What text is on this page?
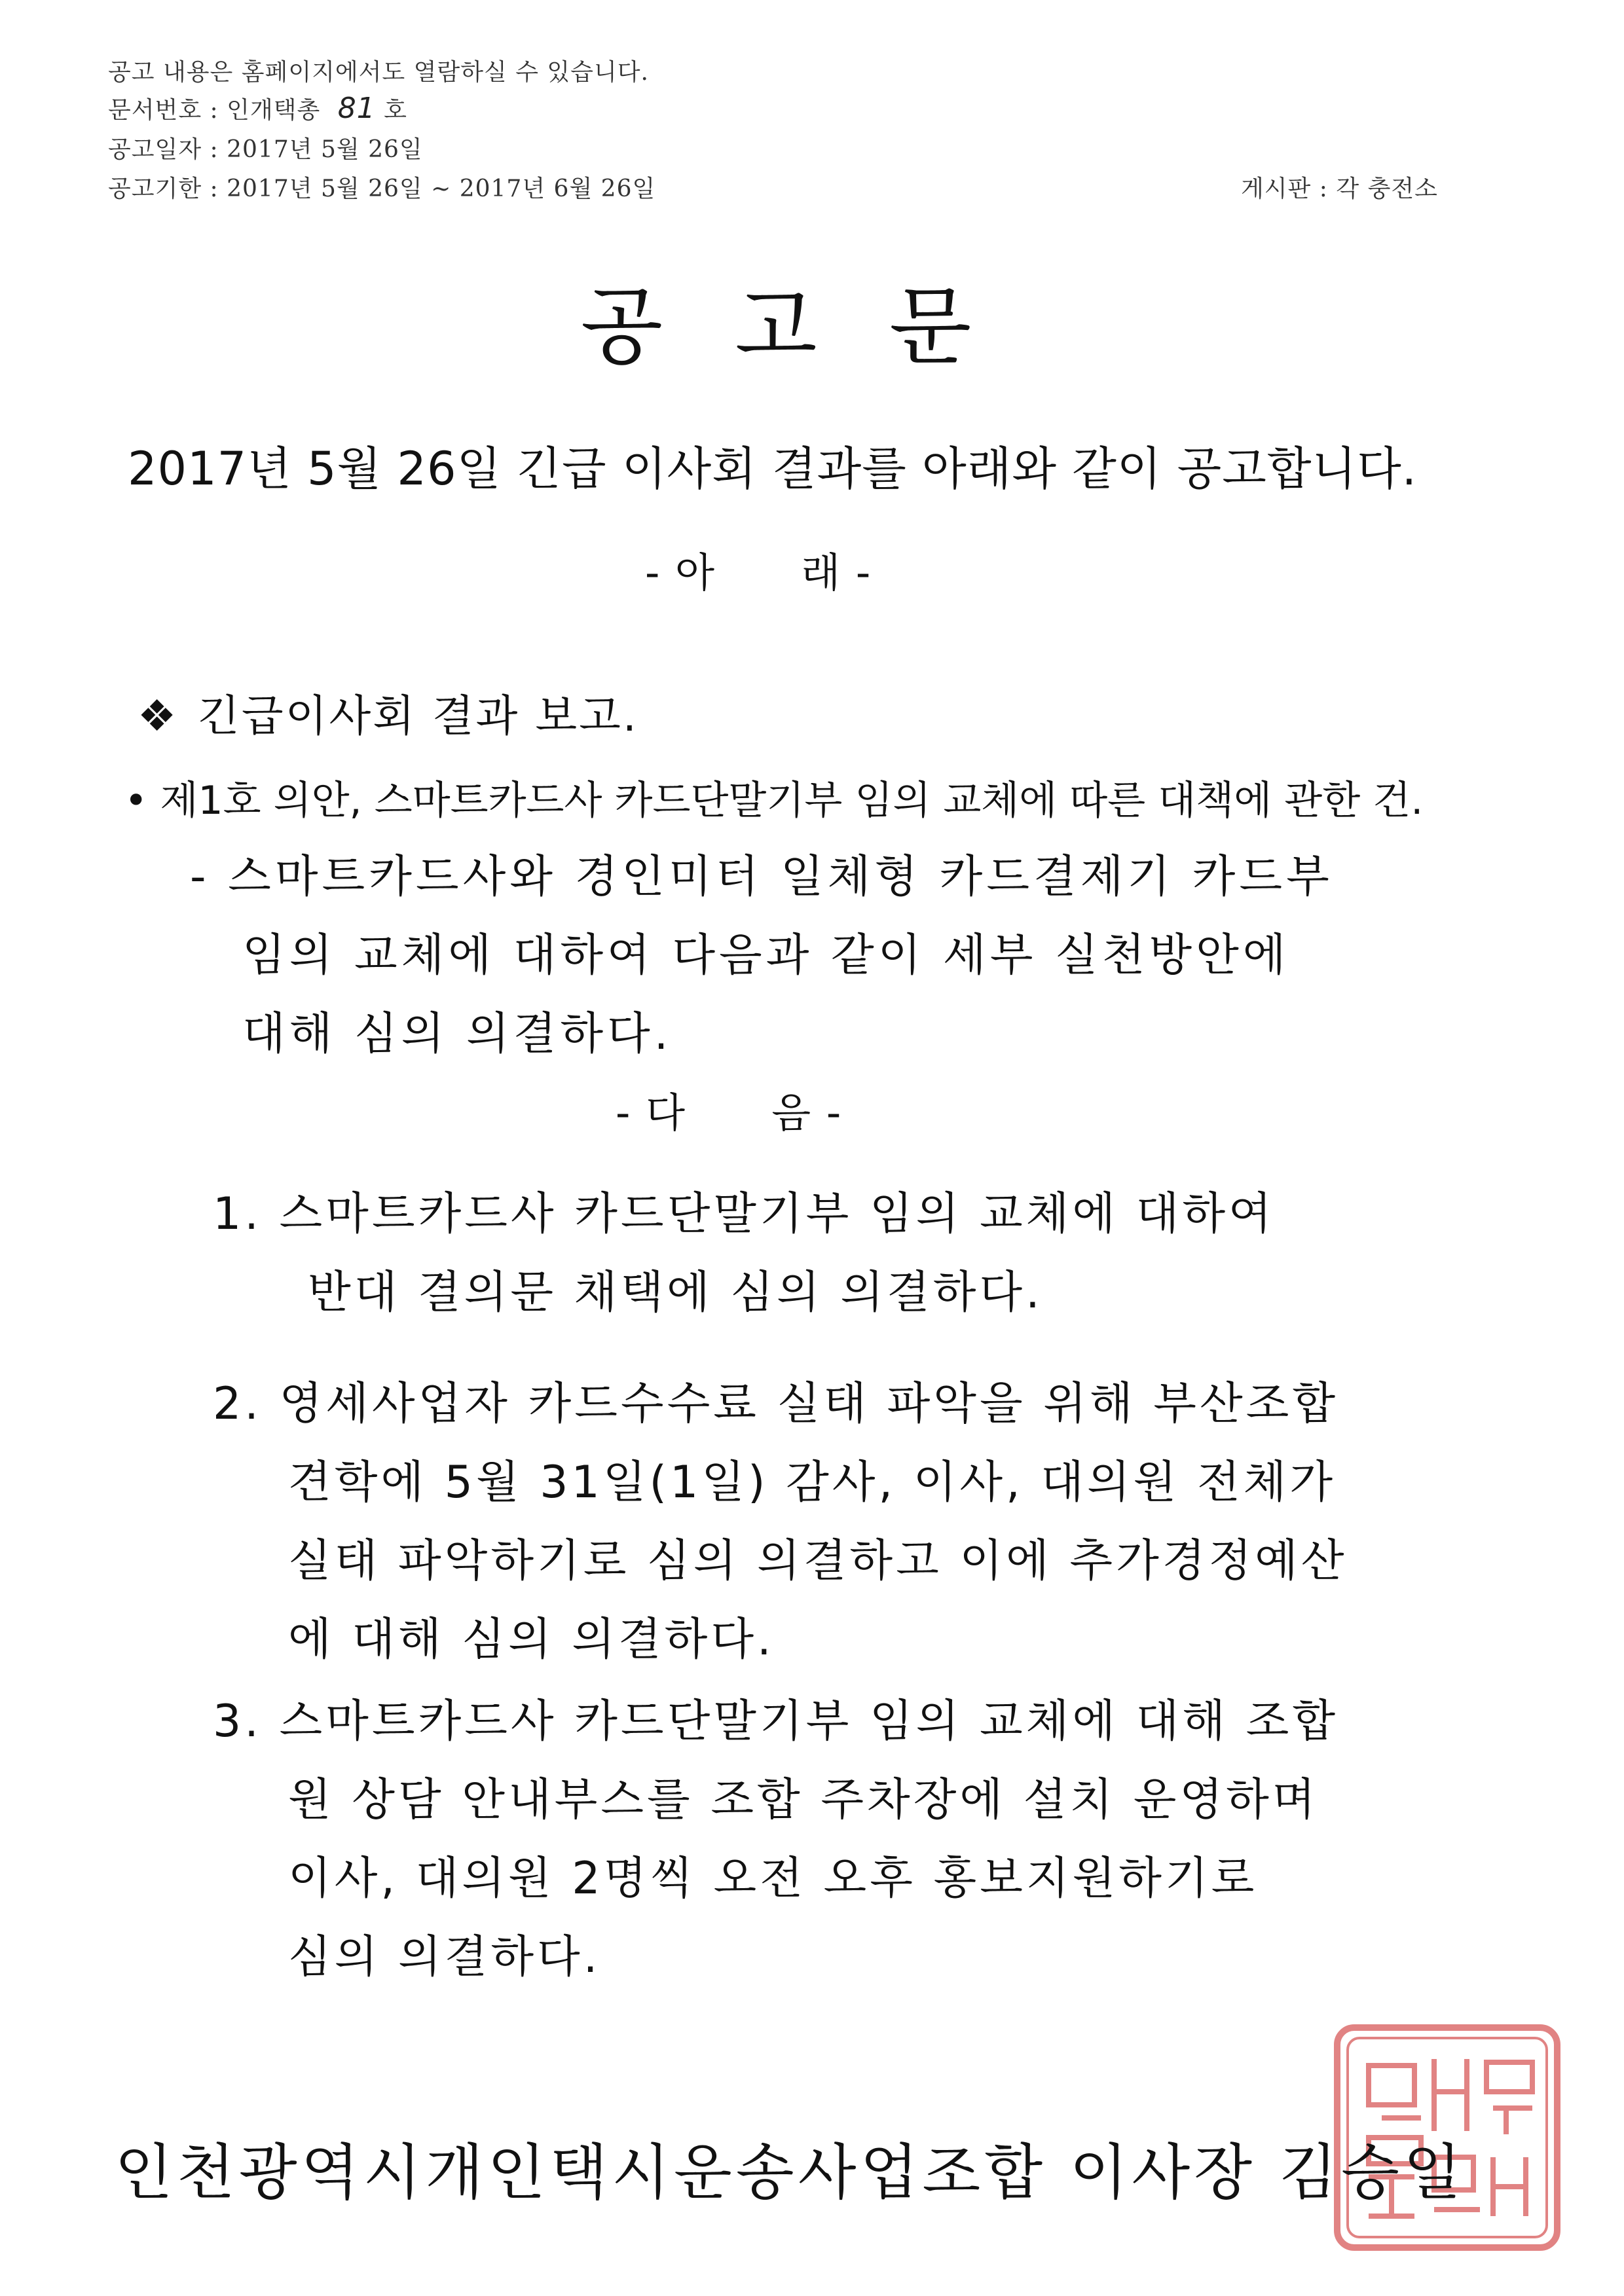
공고 내용은 홈페이지에서도 열람하실 수 있습니다.
문서번호 : 인개택총 81 호
공고일자 : 2017년 5월 26일
공고기한 : 2017년 5월 26일 ~ 2017년 6월 26일	게시판 : 각 충전소
공고문
2017년 5월 26일 긴급 이사회 결과를 아래와 같이 공고합니다.
- 아      래 -
❖ 긴급이사회 결과 보고.
• 제1호 의안, 스마트카드사 카드단말기부 임의 교체에 따른 대책에 관한 건.
- 스마트카드사와 경인미터 일체형 카드결제기 카드부
임의 교체에 대하여 다음과 같이 세부 실천방안에
대해 심의 의결하다.
- 다      음 -
1. 스마트카드사 카드단말기부 임의 교체에 대하여
반대 결의문 채택에 심의 의결하다.
2. 영세사업자 카드수수료 실태 파악을 위해 부산조합
견학에 5월 31일(1일) 감사, 이사, 대의원 전체가
실태 파악하기로 심의 의결하고 이에 추가경정예산
에 대해 심의 의결하다.
3. 스마트카드사 카드단말기부 임의 교체에 대해 조합
원 상담 안내부스를 조합 주차장에 설치 운영하며
이사, 대의원 2명씩 오전 오후 홍보지원하기로
심의 의결하다.
인천광역시개인택시운송사업조합 이사장 김승일
